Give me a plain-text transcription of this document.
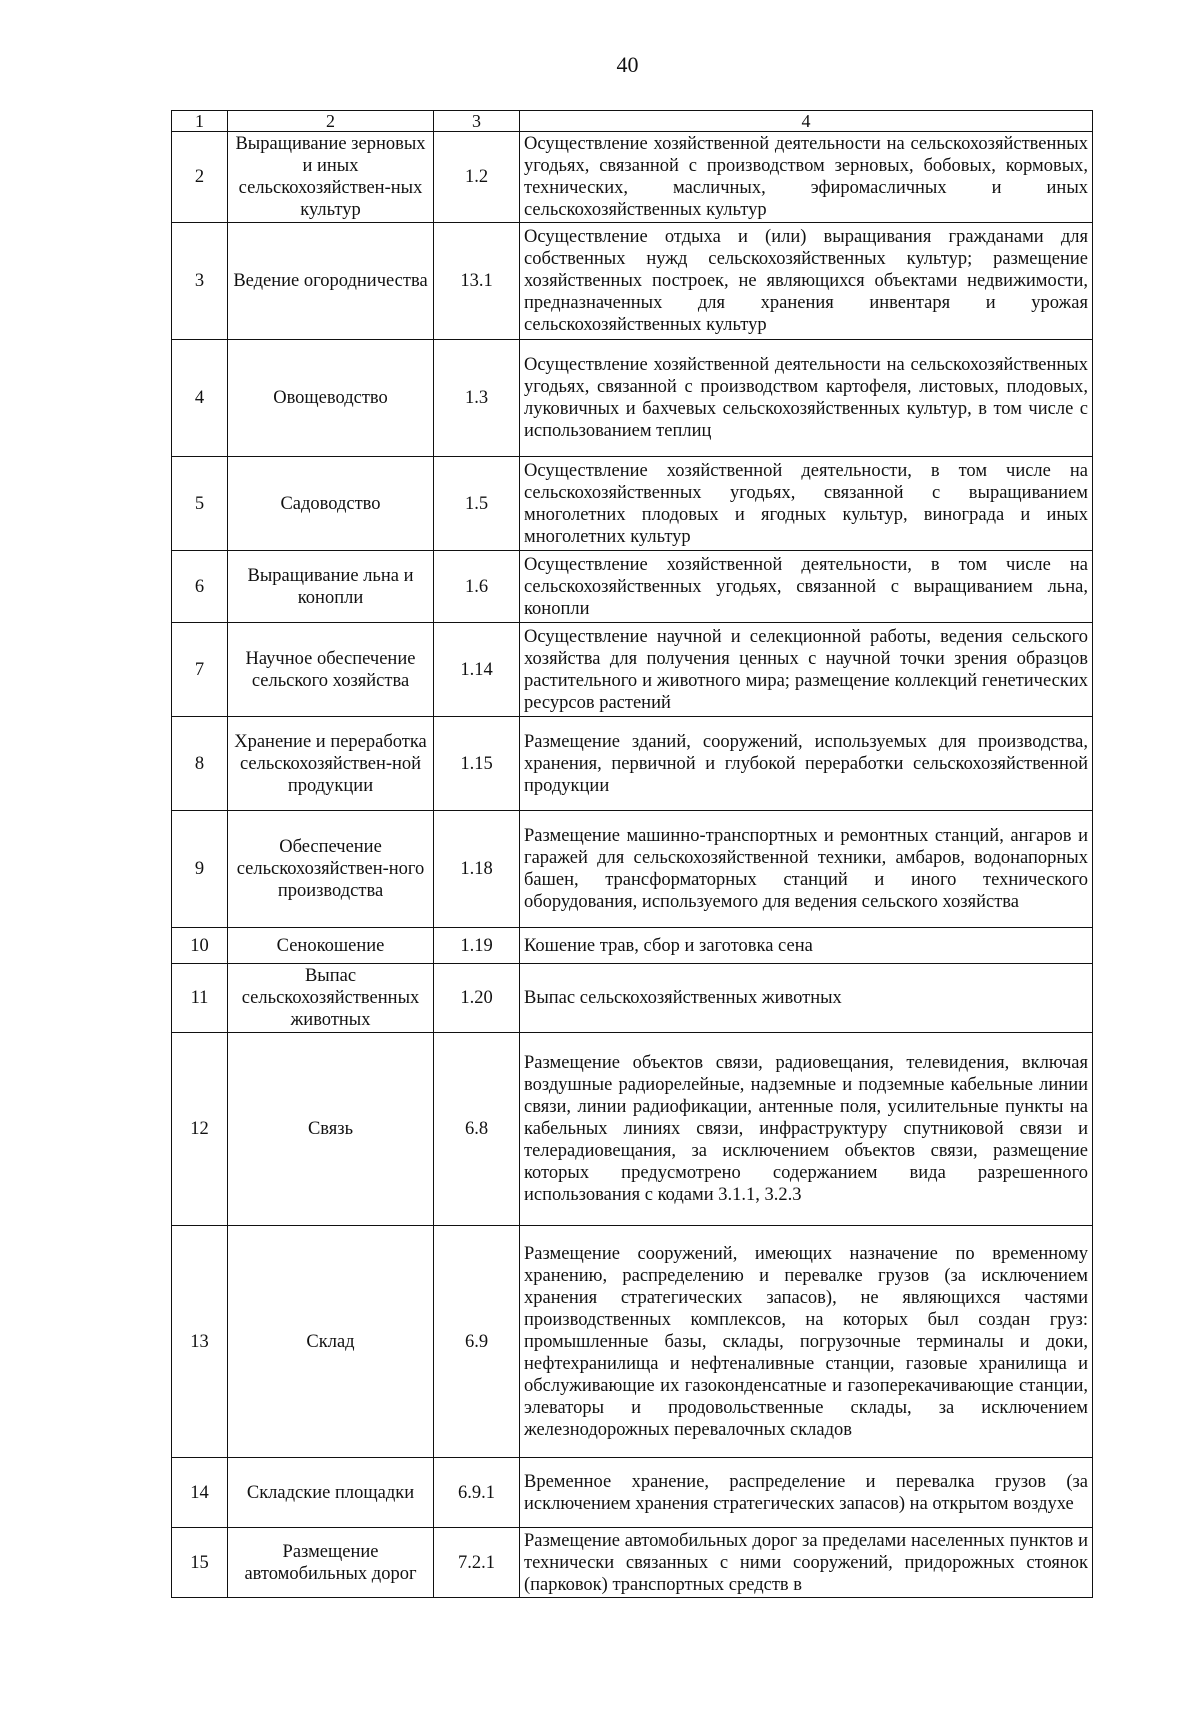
40
1	2	3	4
2	Выращивание зерновых и иных сельскохозяйствен-ных культур	1.2	Осуществление хозяйственной деятельности на сельскохозяйственных угодьях, связанной с производством зерновых, бобовых, кормовых, технических, масличных, эфиромасличных и иных сельскохозяйственных культур
3	Ведение огородничества	13.1	Осуществление отдыха и (или) выращивания гражданами для собственных нужд сельскохозяйственных культур; размещение хозяйственных построек, не являющихся объектами недвижимости, предназначенных для хранения инвентаря и урожая сельскохозяйственных культур
4	Овощеводство	1.3	Осуществление хозяйственной деятельности на сельскохозяйственных угодьях, связанной с производством картофеля, листовых, плодовых, луковичных и бахчевых сельскохозяйственных культур, в том числе с использованием теплиц
5	Садоводство	1.5	Осуществление хозяйственной деятельности, в том числе на сельскохозяйственных угодьях, связанной с выращиванием многолетних плодовых и ягодных культур, винограда и иных многолетних культур
6	Выращивание льна и конопли	1.6	Осуществление хозяйственной деятельности, в том числе на сельскохозяйственных угодьях, связанной с выращиванием льна, конопли
7	Научное обеспечение сельского хозяйства	1.14	Осуществление научной и селекционной работы, ведения сельского хозяйства для получения ценных с научной точки зрения образцов растительного и животного мира; размещение коллекций генетических ресурсов растений
8	Хранение и переработка сельскохозяйствен-ной продукции	1.15	Размещение зданий, сооружений, используемых для производства, хранения, первичной и глубокой переработки сельскохозяйственной продукции
9	Обеспечение сельскохозяйствен-ного производства	1.18	Размещение машинно-транспортных и ремонтных станций, ангаров и гаражей для сельскохозяйственной техники, амбаров, водонапорных башен, трансформаторных станций и иного технического оборудования, используемого для ведения сельского хозяйства
10	Сенокошение	1.19	Кошение трав, сбор и заготовка сена
11	Выпас сельскохозяйственных животных	1.20	Выпас сельскохозяйственных животных
12	Связь	6.8	Размещение объектов связи, радиовещания, телевидения, включая воздушные радиорелейные, надземные и подземные кабельные линии связи, линии радиофикации, антенные поля, усилительные пункты на кабельных линиях связи, инфраструктуру спутниковой связи и телерадиовещания, за исключением объектов связи, размещение которых предусмотрено содержанием вида разрешенного использования с кодами 3.1.1, 3.2.3
13	Склад	6.9	Размещение сооружений, имеющих назначение по временному хранению, распределению и перевалке грузов (за исключением хранения стратегических запасов), не являющихся частями производственных комплексов, на которых был создан груз: промышленные базы, склады, погрузочные терминалы и доки, нефтехранилища и нефтеналивные станции, газовые хранилища и обслуживающие их газоконденсатные и газоперекачивающие станции, элеваторы и продовольственные склады, за исключением железнодорожных перевалочных складов
14	Складские площадки	6.9.1	Временное хранение, распределение и перевалка грузов (за исключением хранения стратегических запасов) на открытом воздухе
15	Размещение автомобильных дорог	7.2.1	Размещение автомобильных дорог за пределами населенных пунктов и технически связанных с ними сооружений, придорожных стоянок (парковок) транспортных средств в
